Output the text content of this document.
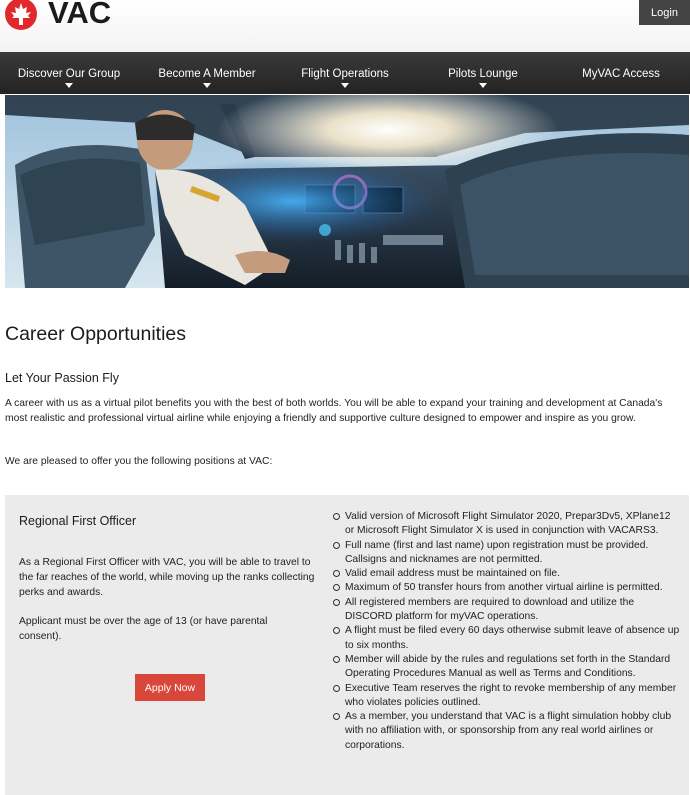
VAC	Login
Discover Our Group	Become A Member	Flight Operations	Pilots Lounge	MyVAC Access
Career Opportunities
Let Your Passion Fly

A career with us as a virtual pilot benefits you with the best of both worlds. You will be able to expand your training and development at Canada's most realistic and professional virtual airline while enjoying a friendly and supportive culture designed to empower and inspire as you grow.

We are pleased to offer you the following positions at VAC:

Regional First Officer

As a Regional First Officer with VAC, you will be able to travel to the far reaches of the world, while moving up the ranks collecting perks and awards.

Applicant must be over the age of 13 (or have parental consent).

Apply Now
Valid version of Microsoft Flight Simulator 2020, Prepar3Dv5, XPlane12 or Microsoft Flight Simulator X is used in conjunction with VACARS3.
Full name (first and last name) upon registration must be provided. Callsigns and nicknames are not permitted.
Valid email address must be maintained on file.
Maximum of 50 transfer hours from another virtual airline is permitted.
All registered members are required to download and utilize the DISCORD platform for myVAC operations.
A flight must be filed every 60 days otherwise submit leave of absence up to six months.
Member will abide by the rules and regulations set forth in the Standard Operating Procedures Manual as well as Terms and Conditions.
Executive Team reserves the right to revoke membership of any member who violates policies outlined.
As a member, you understand that VAC is a flight simulation hobby club with no affiliation with, or sponsorship from any real world airlines or corporations.
